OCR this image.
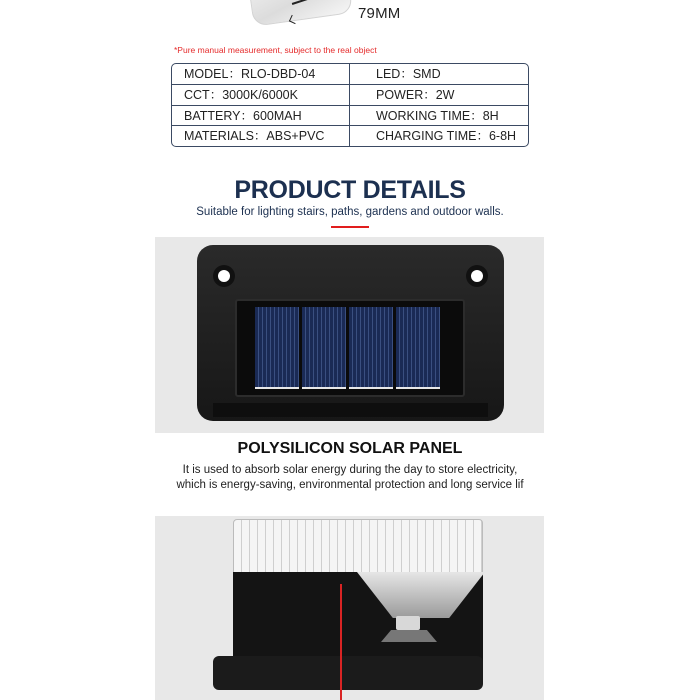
79MM
*Pure manual measurement, subject to the real object
MODEL：RLO-DBD-04	LED：SMD
CCT：3000K/6000K	POWER：2W
BATTERY：600MAH	WORKING TIME：8H
MATERIALS：ABS+PVC	CHARGING TIME：6-8H
PRODUCT DETAILS
Suitable for lighting stairs, paths, gardens and outdoor walls.
POLYSILICON SOLAR PANEL
It is used to absorb solar energy during the day to store electricity,
which is energy-saving, environmental protection and long service lif
